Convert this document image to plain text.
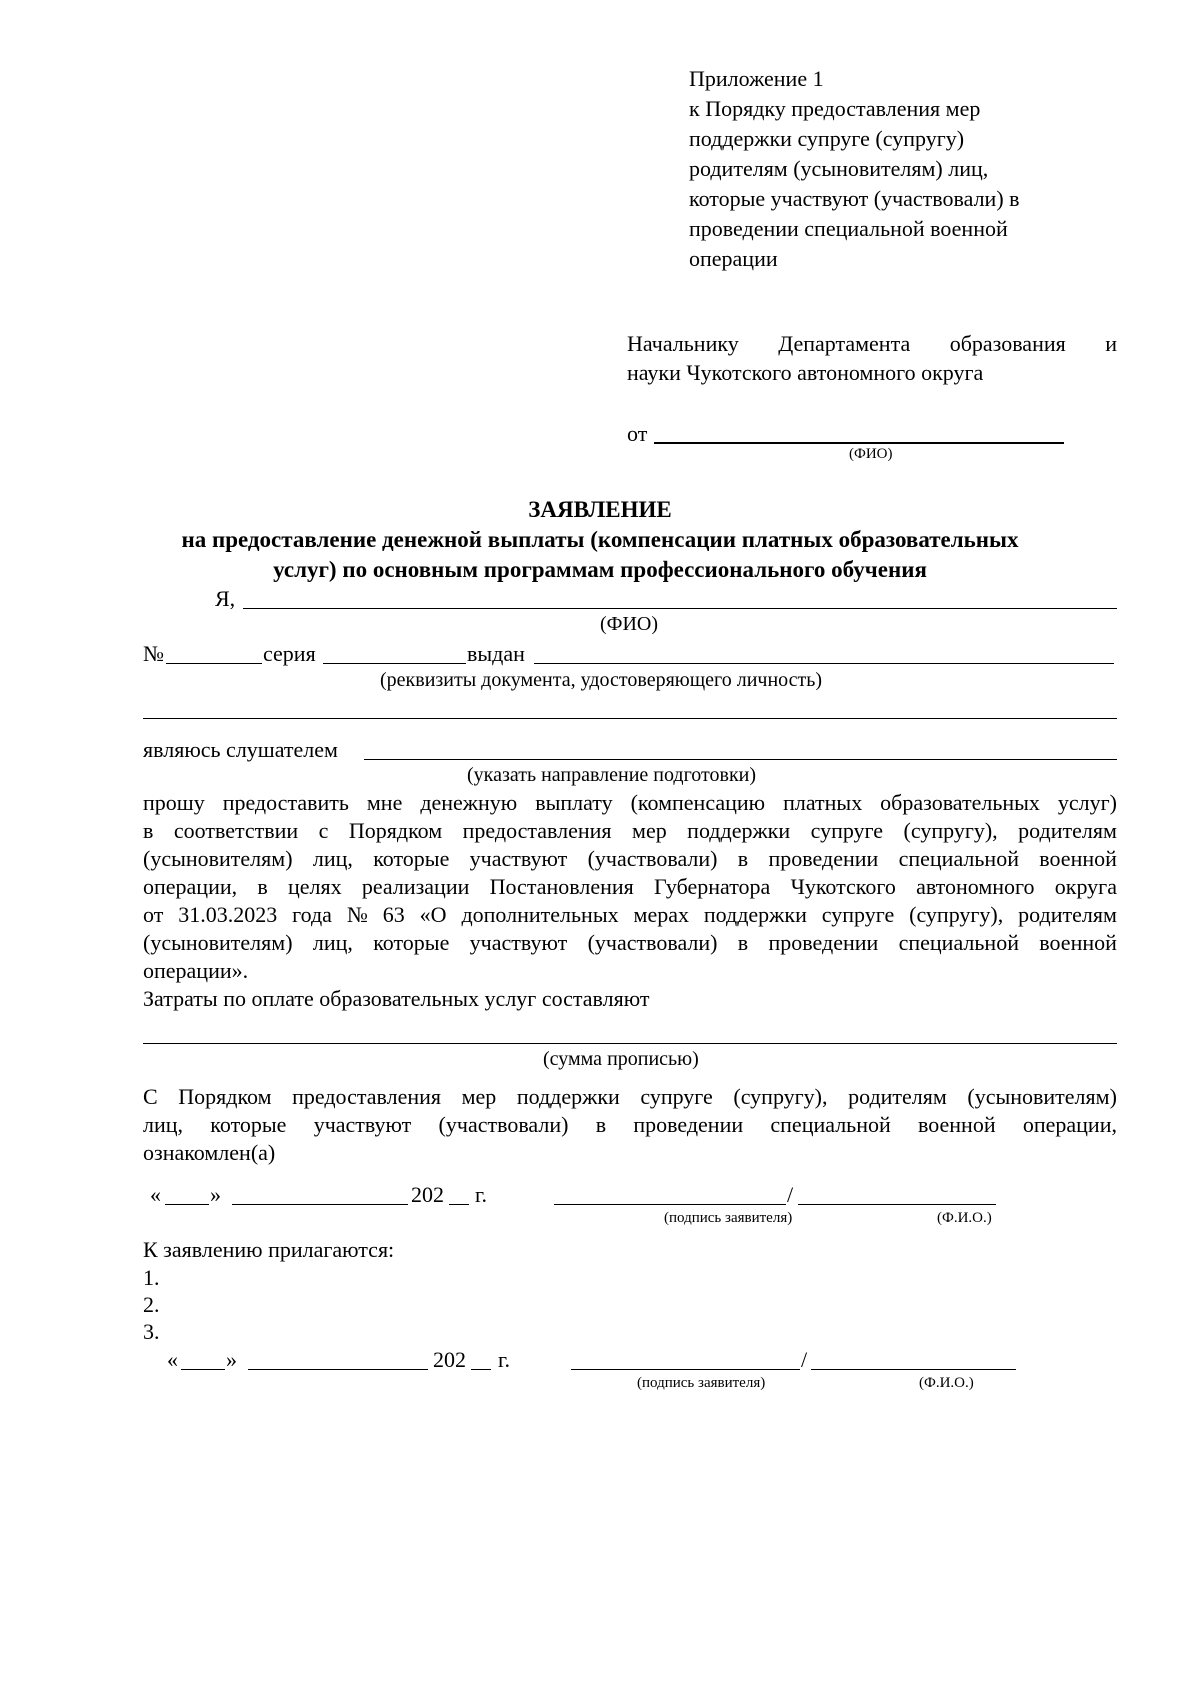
Приложение 1
к Порядку предоставления мер
поддержки супруге (супругу)
родителям (усыновителям) лиц,
которые участвуют (участвовали) в
проведении специальной военной
операции
Начальнику Департамента образования и
науки Чукотского автономного округа
от
(ФИО)
ЗАЯВЛЕНИЕ
на предоставление денежной выплаты (компенсации платных образовательных
услуг) по основным программам профессионального обучения
Я,
(ФИО)
№	серия	выдан
(реквизиты документа, удостоверяющего личность)
являюсь слушателем
(указать направление подготовки)
прошу предоставить мне денежную выплату (компенсацию платных образовательных услуг)
в соответствии с Порядком предоставления мер поддержки супруге (супругу), родителям
(усыновителям) лиц, которые участвуют (участвовали) в проведении специальной военной
операции, в целях реализации Постановления Губернатора Чукотского автономного округа
от 31.03.2023 года № 63 «О дополнительных мерах поддержки супруге (супругу), родителям
(усыновителям) лиц, которые участвуют (участвовали) в проведении специальной военной
операции».
Затраты по оплате образовательных услуг составляют
(сумма прописью)
С Порядком предоставления мер поддержки супруге (супругу), родителям (усыновителям)
лиц, которые участвуют (участвовали) в проведении специальной военной операции,
ознакомлен(а)
« »	202 г.	/
(подпись заявителя)	(Ф.И.О.)
К заявлению прилагаются:
1.
2.
3.
« »	202 г.	/
(подпись заявителя)	(Ф.И.О.)
